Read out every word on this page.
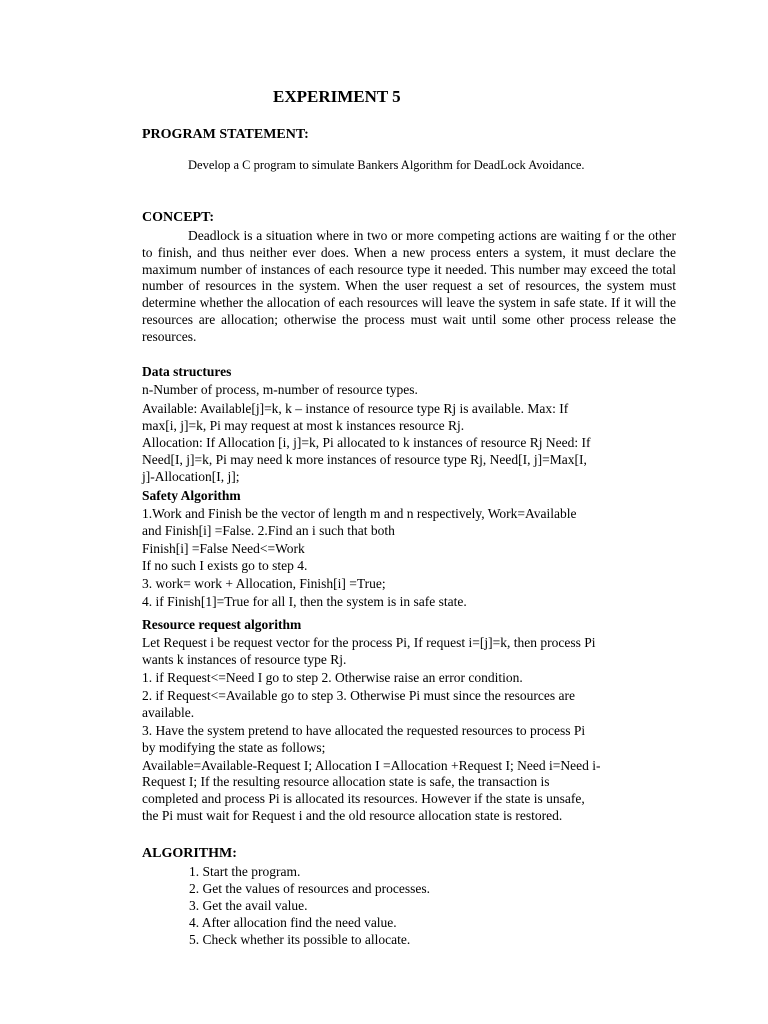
EXPERIMENT 5
PROGRAM STATEMENT:

Develop a C program to simulate Bankers Algorithm for DeadLock Avoidance.

CONCEPT:

Deadlock is a situation where in two or more competing actions are waiting f or the other to finish, and thus neither ever does. When a new process enters a system, it must declare the maximum number of instances of each resource type it needed. This number may exceed the total number of resources in the system. When the user request a set of resources, the system must determine whether the allocation of each resources will leave the system in safe state. If it will the resources are allocation; otherwise the process must wait until some other process release the resources.

Data structures
n-Number of process, m-number of resource types.
Available: Available[j]=k, k – instance of resource type Rj is available. Max: If
max[i, j]=k, Pi may request at most k instances resource Rj.
Allocation: If Allocation [i, j]=k, Pi allocated to k instances of resource Rj Need: If
Need[I, j]=k, Pi may need k more instances of resource type Rj, Need[I, j]=Max[I,
j]-Allocation[I, j];
Safety Algorithm
1.Work and Finish be the vector of length m and n respectively, Work=Available
and Finish[i] =False. 2.Find an i such that both
Finish[i] =False Need<=Work
If no such I exists go to step 4.
3. work= work + Allocation, Finish[i] =True;
4. if Finish[1]=True for all I, then the system is in safe state.
Resource request algorithm
Let Request i be request vector for the process Pi, If request i=[j]=k, then process Pi
wants k instances of resource type Rj.
1. if Request<=Need I go to step 2. Otherwise raise an error condition.
2. if Request<=Available go to step 3. Otherwise Pi must since the resources are
available.
3. Have the system pretend to have allocated the requested resources to process Pi
by modifying the state as follows;
Available=Available-Request I; Allocation I =Allocation +Request I; Need i=Need i-
Request I; If the resulting resource allocation state is safe, the transaction is
completed and process Pi is allocated its resources. However if the state is unsafe,
the Pi must wait for Request i and the old resource allocation state is restored.
ALGORITHM:
1. Start the program.
2. Get the values of resources and processes.
3. Get the avail value.
4. After allocation find the need value.
5. Check whether its possible to allocate.
